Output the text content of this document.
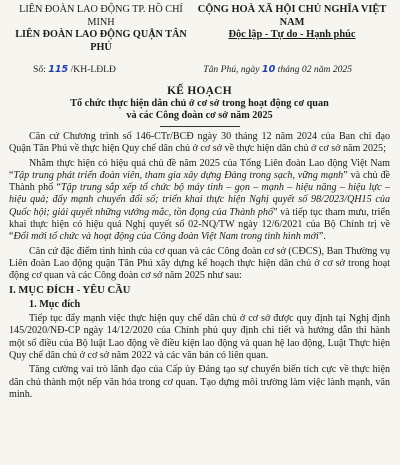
LIÊN ĐOÀN LAO ĐỘNG TP. HỒ CHÍ MINH
LIÊN ĐOÀN LAO ĐỘNG QUẬN TÂN PHÚ
CỘNG HOÀ XÃ HỘI CHỦ NGHĨA VIỆT NAM
Độc lập - Tự do - Hạnh phúc
Số: 115 /KH-LĐLĐ	Tân Phú, ngày 10 tháng 02 năm 2025
KẾ HOẠCH
Tổ chức thực hiện dân chủ ở cơ sở trong hoạt động cơ quan
và các Công đoàn cơ sở năm 2025

Căn cứ Chương trình số 146-CTr/BCĐ ngày 30 tháng 12 năm 2024 của Ban chỉ đạo Quận Tân Phú về thực hiện Quy chế dân chủ ở cơ sở về thực hiện dân chủ ở cơ sở năm 2025;

Nhằm thực hiện có hiệu quả chủ đề năm 2025 của Tổng Liên đoàn Lao động Việt Nam “Tập trung phát triển đoàn viên, tham gia xây dựng Đảng trong sạch, vững mạnh” và chủ đề Thành phố “Tập trung sắp xếp tổ chức bộ máy tinh – gọn – mạnh – hiệu năng – hiệu lực – hiệu quả; đẩy mạnh chuyển đổi số; triển khai thực hiện Nghị quyết số 98/2023/QH15 của Quốc hội; giải quyết những vướng mắc, tồn đọng của Thành phố” và tiếp tục tham mưu, triển khai thực hiện có hiệu quả Nghị quyết số 02-NQ/TW ngày 12/6/2021 của Bộ Chính trị về “Đổi mới tổ chức và hoạt động của Công đoàn Việt Nam trong tình hình mới”.

Căn cứ đặc điểm tình hình của cơ quan và các Công đoàn cơ sở (CĐCS), Ban Thường vụ Liên đoàn Lao động quận Tân Phú xây dựng kế hoạch thực hiện dân chủ ở cơ sở trong hoạt động cơ quan và các Công đoàn cơ sở năm 2025 như sau:

I. MỤC ĐÍCH - YÊU CẦU

1. Mục đích

Tiếp tục đẩy mạnh việc thực hiện quy chế dân chủ ở cơ sở được quy định tại Nghị định 145/2020/NĐ-CP ngày 14/12/2020 của Chính phủ quy định chi tiết và hướng dẫn thi hành một số điều của Bộ luật Lao động về điều kiện lao động và quan hệ lao động, Luật Thực hiện Quy chế dân chủ ở cơ sở năm 2022 và các văn bản có liên quan.

Tăng cường vai trò lãnh đạo của Cấp ủy Đảng tạo sự chuyển biến tích cực về thực hiện dân chủ thành một nếp văn hóa trong cơ quan. Tạo dựng môi trường làm việc lành mạnh, văn minh.
